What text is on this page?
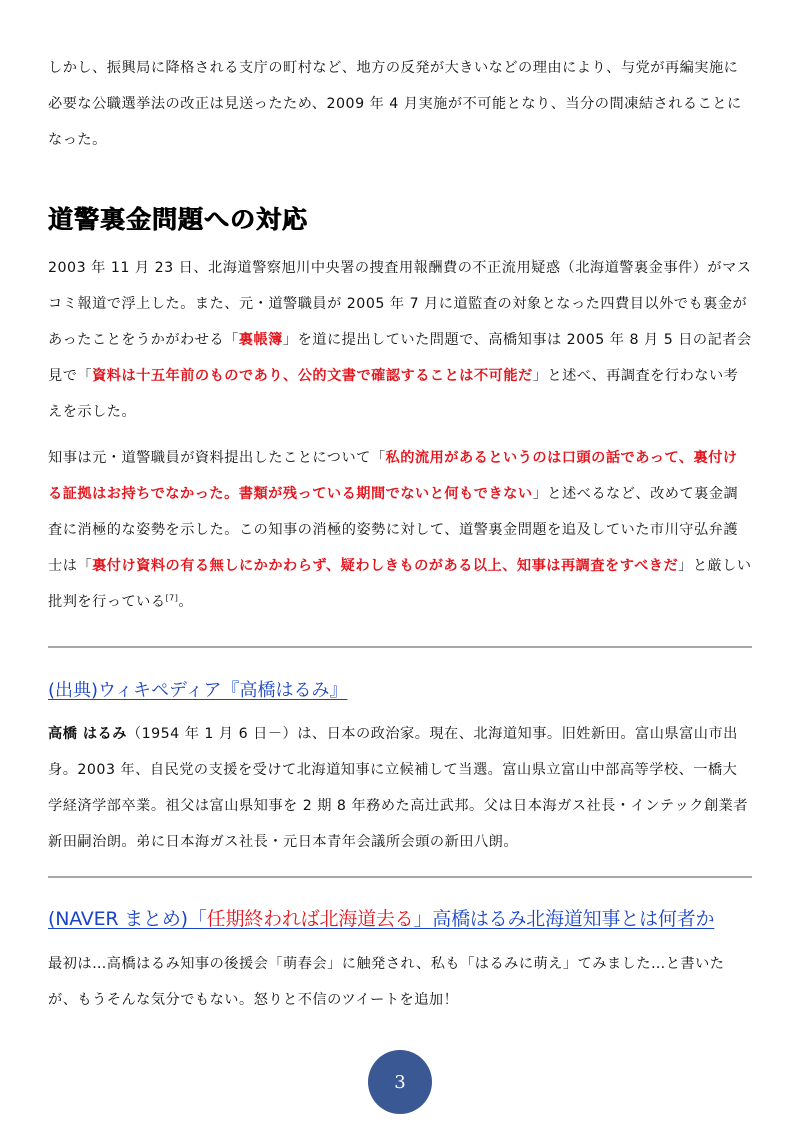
しかし、振興局に降格される支庁の町村など、地方の反発が大きいなどの理由により、与党が再編実施に必要な公職選挙法の改正は見送ったため、2009 年 4 月実施が不可能となり、当分の間凍結されることになった。

道警裏金問題への対応

2003 年 11 月 23 日、北海道警察旭川中央署の捜査用報酬費の不正流用疑惑（北海道警裏金事件）がマスコミ報道で浮上した。また、元・道警職員が 2005 年 7 月に道監査の対象となった四費目以外でも裏金があったことをうかがわせる「裏帳簿」を道に提出していた問題で、高橋知事は 2005 年 8 月 5 日の記者会見で「資料は十五年前のものであり、公的文書で確認することは不可能だ」と述べ、再調査を行わない考えを示した。

知事は元・道警職員が資料提出したことについて「私的流用があるというのは口頭の話であって、裏付ける証拠はお持ちでなかった。書類が残っている期間でないと何もできない」と述べるなど、改めて裏金調査に消極的な姿勢を示した。この知事の消極的姿勢に対して、道警裏金問題を追及していた市川守弘弁護士は「裏付け資料の有る無しにかかわらず、疑わしきものがある以上、知事は再調査をすべきだ」と厳しい批判を行っている[7]。

(出典)ウィキペディア『高橋はるみ』

高橋 はるみ（1954 年 1 月 6 日－）は、日本の政治家。現在、北海道知事。旧姓新田。富山県富山市出身。2003 年、自民党の支援を受けて北海道知事に立候補して当選。富山県立富山中部高等学校、一橋大学経済学部卒業。祖父は富山県知事を 2 期 8 年務めた高辻武邦。父は日本海ガス社長・インテック創業者新田嗣治朗。弟に日本海ガス社長・元日本青年会議所会頭の新田八朗。

(NAVER まとめ)「任期終われば北海道去る」高橋はるみ北海道知事とは何者か

最初は…高橋はるみ知事の後援会「萌春会」に触発され、私も「はるみに萌え」てみました…と書いたが、もうそんな気分でもない。怒りと不信のツイートを追加！

3
